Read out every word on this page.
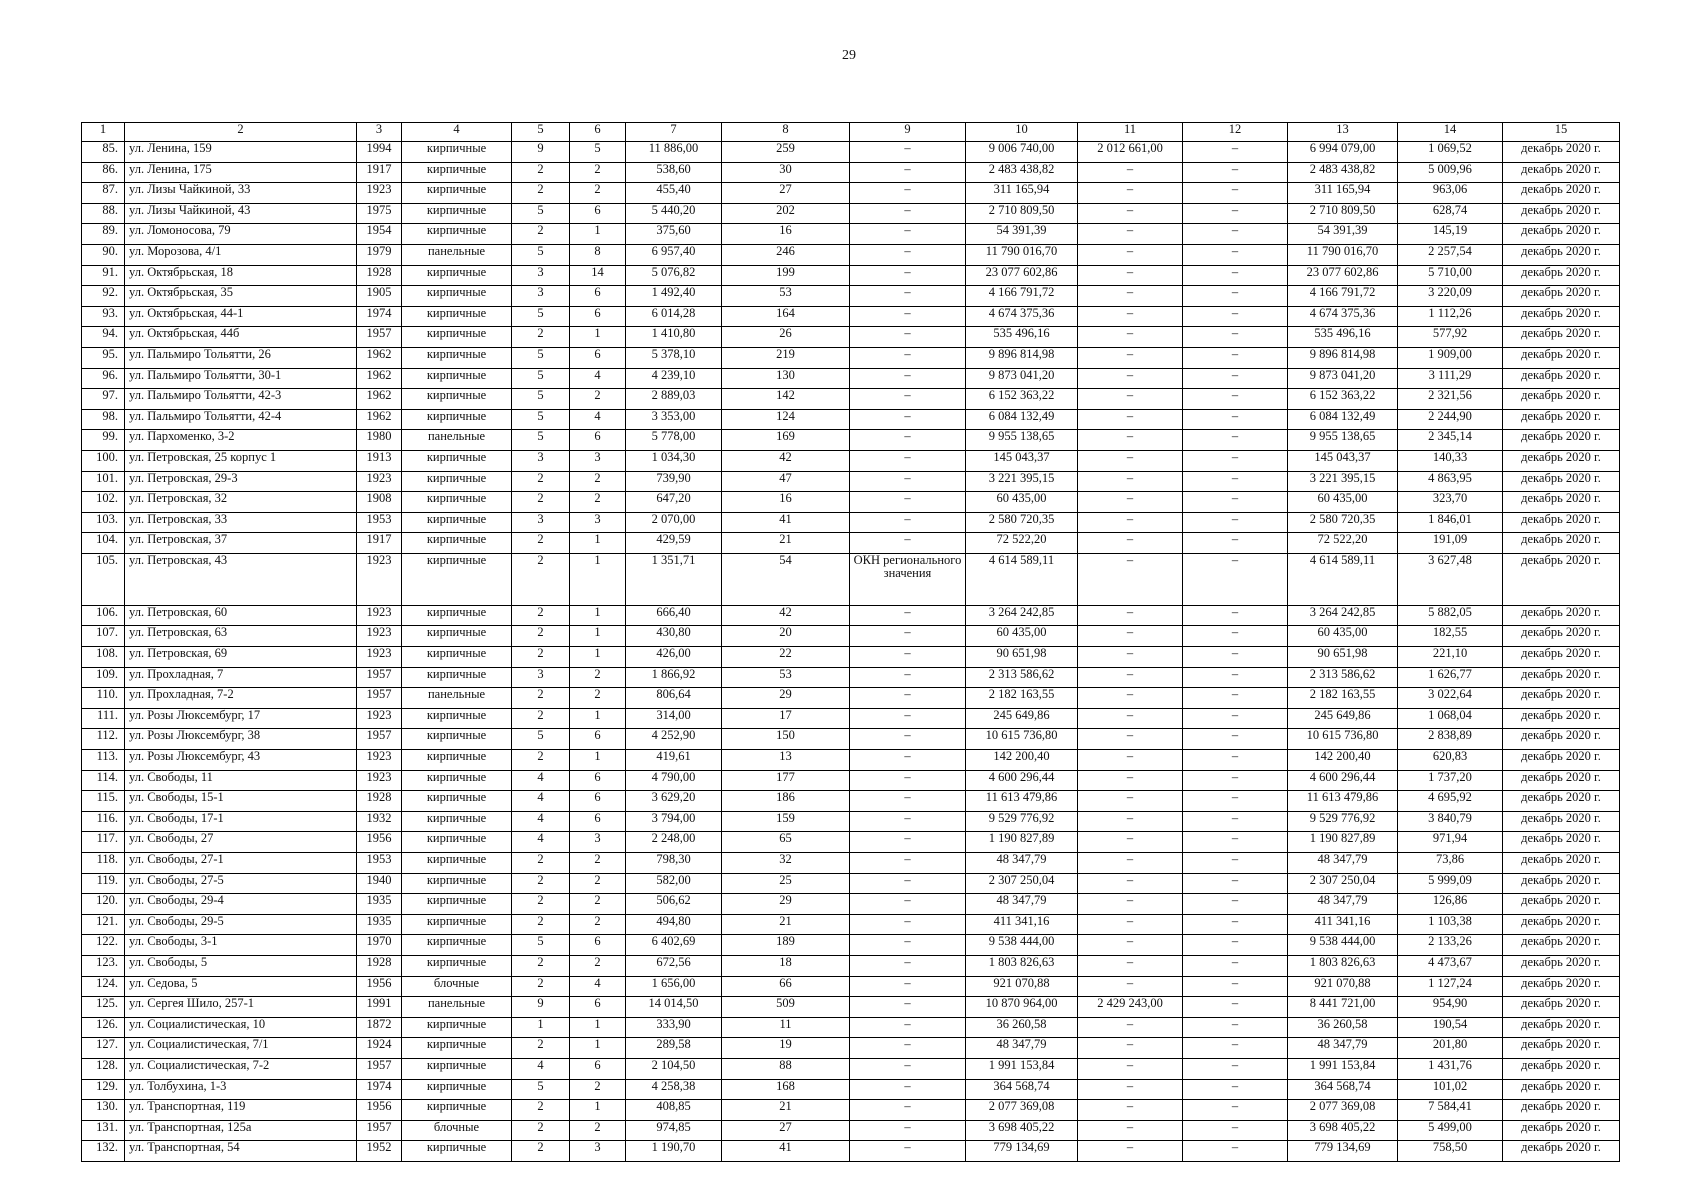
29
1	2	3	4	5	6	7	8	9	10	11	12	13	14	15
85.	ул. Ленина, 159	1994	кирпичные	9	5	11 886,00	259	–	9 006 740,00	2 012 661,00	–	6 994 079,00	1 069,52	декабрь 2020 г.
86.	ул. Ленина, 175	1917	кирпичные	2	2	538,60	30	–	2 483 438,82	–	–	2 483 438,82	5 009,96	декабрь 2020 г.
87.	ул. Лизы Чайкиной, 33	1923	кирпичные	2	2	455,40	27	–	311 165,94	–	–	311 165,94	963,06	декабрь 2020 г.
88.	ул. Лизы Чайкиной, 43	1975	кирпичные	5	6	5 440,20	202	–	2 710 809,50	–	–	2 710 809,50	628,74	декабрь 2020 г.
89.	ул. Ломоносова, 79	1954	кирпичные	2	1	375,60	16	–	54 391,39	–	–	54 391,39	145,19	декабрь 2020 г.
90.	ул. Морозова, 4/1	1979	панельные	5	8	6 957,40	246	–	11 790 016,70	–	–	11 790 016,70	2 257,54	декабрь 2020 г.
91.	ул. Октябрьская, 18	1928	кирпичные	3	14	5 076,82	199	–	23 077 602,86	–	–	23 077 602,86	5 710,00	декабрь 2020 г.
92.	ул. Октябрьская, 35	1905	кирпичные	3	6	1 492,40	53	–	4 166 791,72	–	–	4 166 791,72	3 220,09	декабрь 2020 г.
93.	ул. Октябрьская, 44-1	1974	кирпичные	5	6	6 014,28	164	–	4 674 375,36	–	–	4 674 375,36	1 112,26	декабрь 2020 г.
94.	ул. Октябрьская, 44б	1957	кирпичные	2	1	1 410,80	26	–	535 496,16	–	–	535 496,16	577,92	декабрь 2020 г.
95.	ул. Пальмиро Тольятти, 26	1962	кирпичные	5	6	5 378,10	219	–	9 896 814,98	–	–	9 896 814,98	1 909,00	декабрь 2020 г.
96.	ул. Пальмиро Тольятти, 30-1	1962	кирпичные	5	4	4 239,10	130	–	9 873 041,20	–	–	9 873 041,20	3 111,29	декабрь 2020 г.
97.	ул. Пальмиро Тольятти, 42-3	1962	кирпичные	5	2	2 889,03	142	–	6 152 363,22	–	–	6 152 363,22	2 321,56	декабрь 2020 г.
98.	ул. Пальмиро Тольятти, 42-4	1962	кирпичные	5	4	3 353,00	124	–	6 084 132,49	–	–	6 084 132,49	2 244,90	декабрь 2020 г.
99.	ул. Пархоменко, 3-2	1980	панельные	5	6	5 778,00	169	–	9 955 138,65	–	–	9 955 138,65	2 345,14	декабрь 2020 г.
100.	ул. Петровская, 25 корпус 1	1913	кирпичные	3	3	1 034,30	42	–	145 043,37	–	–	145 043,37	140,33	декабрь 2020 г.
101.	ул. Петровская, 29-3	1923	кирпичные	2	2	739,90	47	–	3 221 395,15	–	–	3 221 395,15	4 863,95	декабрь 2020 г.
102.	ул. Петровская, 32	1908	кирпичные	2	2	647,20	16	–	60 435,00	–	–	60 435,00	323,70	декабрь 2020 г.
103.	ул. Петровская, 33	1953	кирпичные	3	3	2 070,00	41	–	2 580 720,35	–	–	2 580 720,35	1 846,01	декабрь 2020 г.
104.	ул. Петровская, 37	1917	кирпичные	2	1	429,59	21	–	72 522,20	–	–	72 522,20	191,09	декабрь 2020 г.
105.	ул. Петровская, 43	1923	кирпичные	2	1	1 351,71	54	ОКН регионального значения	4 614 589,11	–	–	4 614 589,11	3 627,48	декабрь 2020 г.
106.	ул. Петровская, 60	1923	кирпичные	2	1	666,40	42	–	3 264 242,85	–	–	3 264 242,85	5 882,05	декабрь 2020 г.
107.	ул. Петровская, 63	1923	кирпичные	2	1	430,80	20	–	60 435,00	–	–	60 435,00	182,55	декабрь 2020 г.
108.	ул. Петровская, 69	1923	кирпичные	2	1	426,00	22	–	90 651,98	–	–	90 651,98	221,10	декабрь 2020 г.
109.	ул. Прохладная, 7	1957	кирпичные	3	2	1 866,92	53	–	2 313 586,62	–	–	2 313 586,62	1 626,77	декабрь 2020 г.
110.	ул. Прохладная, 7-2	1957	панельные	2	2	806,64	29	–	2 182 163,55	–	–	2 182 163,55	3 022,64	декабрь 2020 г.
111.	ул. Розы Люксембург, 17	1923	кирпичные	2	1	314,00	17	–	245 649,86	–	–	245 649,86	1 068,04	декабрь 2020 г.
112.	ул. Розы Люксембург, 38	1957	кирпичные	5	6	4 252,90	150	–	10 615 736,80	–	–	10 615 736,80	2 838,89	декабрь 2020 г.
113.	ул. Розы Люксембург, 43	1923	кирпичные	2	1	419,61	13	–	142 200,40	–	–	142 200,40	620,83	декабрь 2020 г.
114.	ул. Свободы, 11	1923	кирпичные	4	6	4 790,00	177	–	4 600 296,44	–	–	4 600 296,44	1 737,20	декабрь 2020 г.
115.	ул. Свободы, 15-1	1928	кирпичные	4	6	3 629,20	186	–	11 613 479,86	–	–	11 613 479,86	4 695,92	декабрь 2020 г.
116.	ул. Свободы, 17-1	1932	кирпичные	4	6	3 794,00	159	–	9 529 776,92	–	–	9 529 776,92	3 840,79	декабрь 2020 г.
117.	ул. Свободы, 27	1956	кирпичные	4	3	2 248,00	65	–	1 190 827,89	–	–	1 190 827,89	971,94	декабрь 2020 г.
118.	ул. Свободы, 27-1	1953	кирпичные	2	2	798,30	32	–	48 347,79	–	–	48 347,79	73,86	декабрь 2020 г.
119.	ул. Свободы, 27-5	1940	кирпичные	2	2	582,00	25	–	2 307 250,04	–	–	2 307 250,04	5 999,09	декабрь 2020 г.
120.	ул. Свободы, 29-4	1935	кирпичные	2	2	506,62	29	–	48 347,79	–	–	48 347,79	126,86	декабрь 2020 г.
121.	ул. Свободы, 29-5	1935	кирпичные	2	2	494,80	21	–	411 341,16	–	–	411 341,16	1 103,38	декабрь 2020 г.
122.	ул. Свободы, 3-1	1970	кирпичные	5	6	6 402,69	189	–	9 538 444,00	–	–	9 538 444,00	2 133,26	декабрь 2020 г.
123.	ул. Свободы, 5	1928	кирпичные	2	2	672,56	18	–	1 803 826,63	–	–	1 803 826,63	4 473,67	декабрь 2020 г.
124.	ул. Седова, 5	1956	блочные	2	4	1 656,00	66	–	921 070,88	–	–	921 070,88	1 127,24	декабрь 2020 г.
125.	ул. Сергея Шило, 257-1	1991	панельные	9	6	14 014,50	509	–	10 870 964,00	2 429 243,00	–	8 441 721,00	954,90	декабрь 2020 г.
126.	ул. Социалистическая, 10	1872	кирпичные	1	1	333,90	11	–	36 260,58	–	–	36 260,58	190,54	декабрь 2020 г.
127.	ул. Социалистическая, 7/1	1924	кирпичные	2	1	289,58	19	–	48 347,79	–	–	48 347,79	201,80	декабрь 2020 г.
128.	ул. Социалистическая, 7-2	1957	кирпичные	4	6	2 104,50	88	–	1 991 153,84	–	–	1 991 153,84	1 431,76	декабрь 2020 г.
129.	ул. Толбухина, 1-3	1974	кирпичные	5	2	4 258,38	168	–	364 568,74	–	–	364 568,74	101,02	декабрь 2020 г.
130.	ул. Транспортная, 119	1956	кирпичные	2	1	408,85	21	–	2 077 369,08	–	–	2 077 369,08	7 584,41	декабрь 2020 г.
131.	ул. Транспортная, 125а	1957	блочные	2	2	974,85	27	–	3 698 405,22	–	–	3 698 405,22	5 499,00	декабрь 2020 г.
132.	ул. Транспортная, 54	1952	кирпичные	2	3	1 190,70	41	–	779 134,69	–	–	779 134,69	758,50	декабрь 2020 г.
